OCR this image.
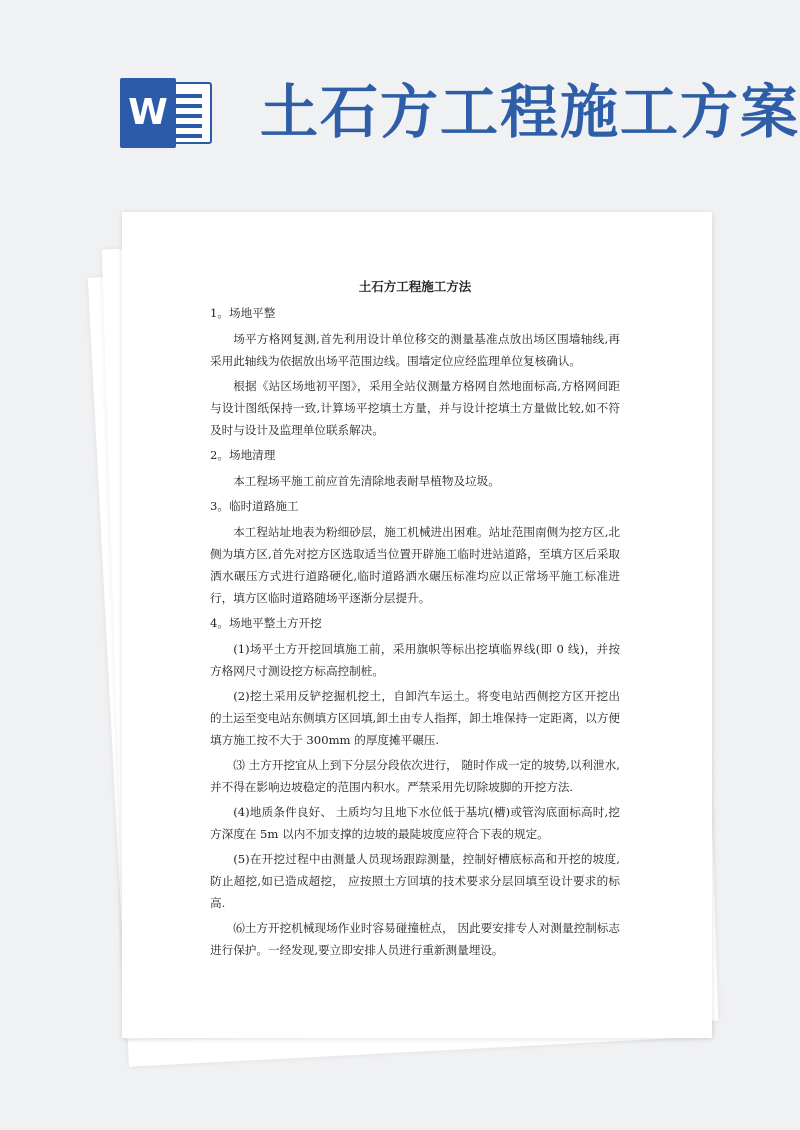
W 土石方工程施工方案
土石方工程施工方法
1。场地平整

场平方格网复测,首先利用设计单位移交的测量基准点放出场区围墙轴线,再采用此轴线为依据放出场平范围边线。围墙定位应经监理单位复核确认。

根据《站区场地初平图》，采用全站仪测量方格网自然地面标高,方格网间距与设计图纸保持一致,计算场平挖填土方量，并与设计挖填土方量做比较,如不符及时与设计及监理单位联系解决。

2。场地清理

本工程场平施工前应首先清除地表耐旱植物及垃圾。

3。临时道路施工

本工程站址地表为粉细砂层，施工机械进出困难。站址范围南侧为挖方区,北侧为填方区,首先对挖方区选取适当位置开辟施工临时进站道路，至填方区后采取洒水碾压方式进行道路硬化,临时道路洒水碾压标准均应以正常场平施工标准进行，填方区临时道路随场平逐渐分层提升。

4。场地平整土方开挖

(1)场平土方开挖回填施工前，采用旗帜等标出挖填临界线(即 0 线)，并按方格网尺寸测设挖方标高控制桩。

(2)挖土采用反铲挖掘机挖土，自卸汽车运土。将变电站西侧挖方区开挖出的土运至变电站东侧填方区回填,卸土由专人指挥，卸土堆保持一定距离，以方便填方施工按不大于 300mm 的厚度摊平碾压.

⑶ 土方开挖宜从上到下分层分段依次进行， 随时作成一定的坡势,以利泄水,并不得在影响边坡稳定的范围内积水。严禁采用先切除坡脚的开挖方法.

(4)地质条件良好、 土质均匀且地下水位低于基坑(槽)或管沟底面标高时,挖方深度在 5m 以内不加支撑的边坡的最陡坡度应符合下表的规定。

(5)在开挖过程中由测量人员现场跟踪测量，控制好槽底标高和开挖的坡度,防止超挖,如已造成超挖， 应按照土方回填的技术要求分层回填至设计要求的标高.

⑹土方开挖机械现场作业时容易碰撞桩点， 因此要安排专人对测量控制标志进行保护。一经发现,要立即安排人员进行重新测量埋设。
